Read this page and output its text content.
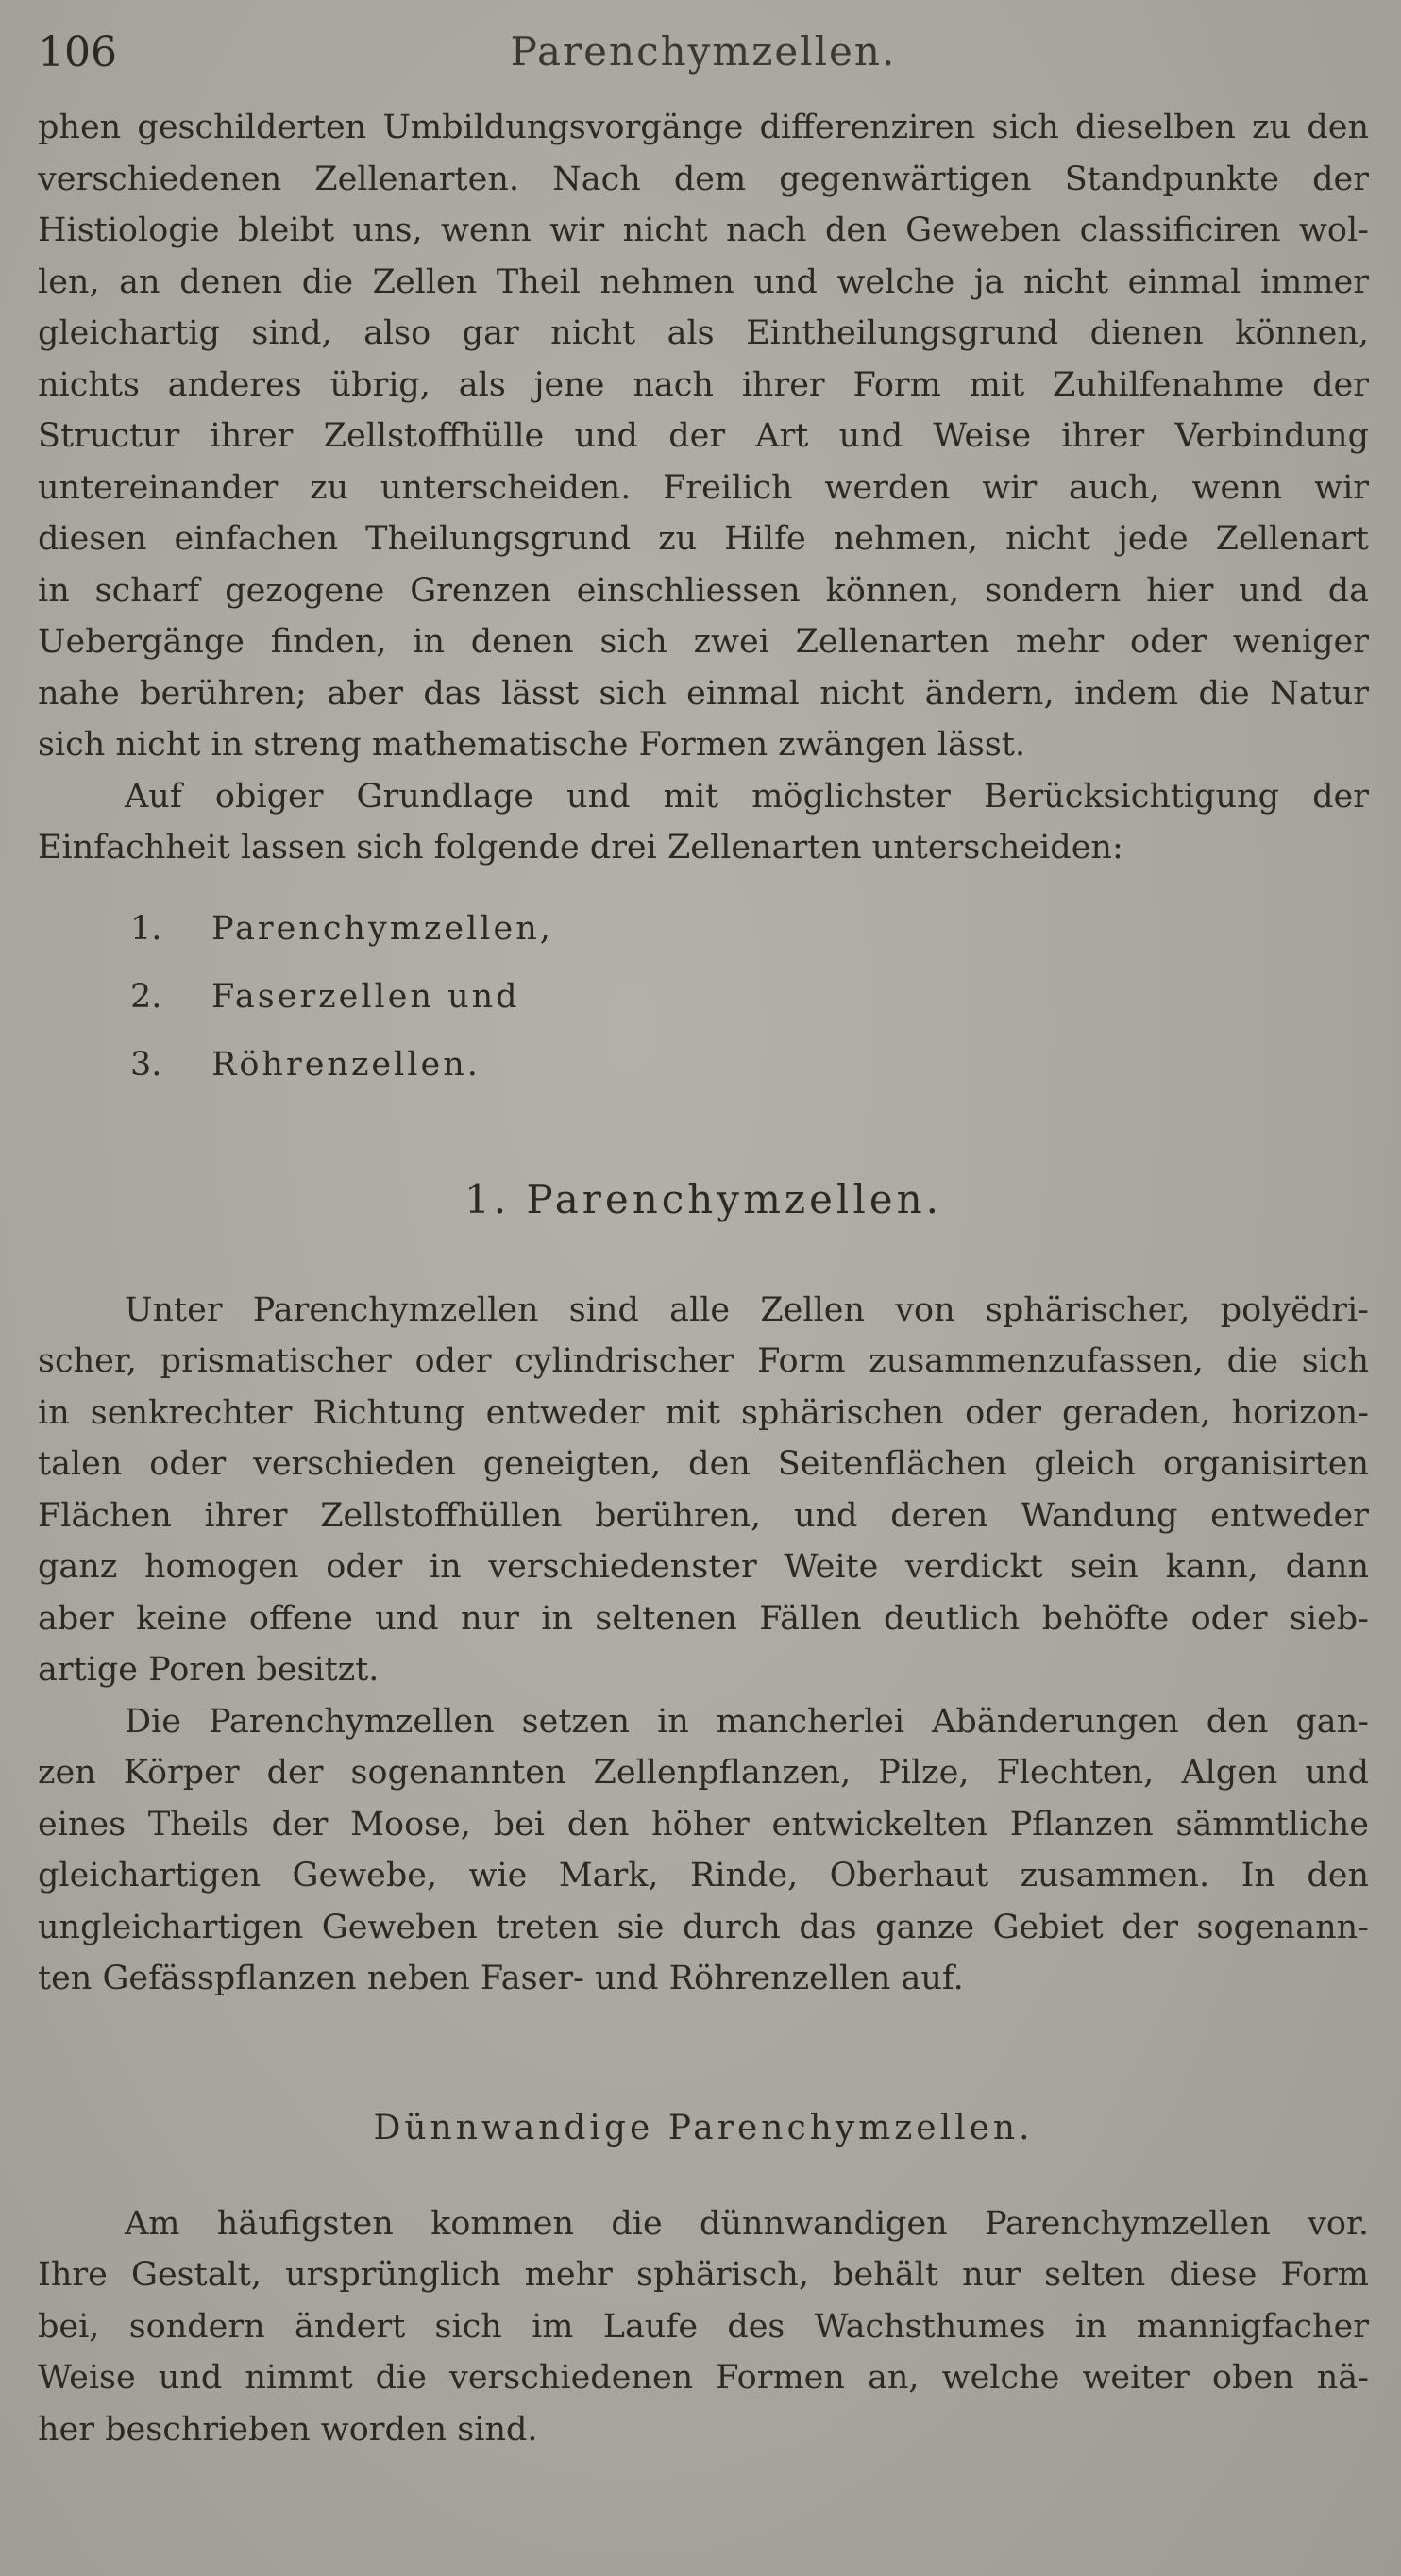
106	Parenchymzellen.

phen geschilderten Umbildungsvorgänge differenziren sich dieselben zu den

verschiedenen Zellenarten. Nach dem gegenwärtigen Standpunkte der

Histiologie bleibt uns, wenn wir nicht nach den Geweben classificiren wol-

len, an denen die Zellen Theil nehmen und welche ja nicht einmal immer

gleichartig sind, also gar nicht als Eintheilungsgrund dienen können,

nichts anderes übrig, als jene nach ihrer Form mit Zuhilfenahme der

Structur ihrer Zellstoffhülle und der Art und Weise ihrer Verbindung

untereinander zu unterscheiden. Freilich werden wir auch, wenn wir

diesen einfachen Theilungsgrund zu Hilfe nehmen, nicht jede Zellenart

in scharf gezogene Grenzen einschliessen können, sondern hier und da

Uebergänge finden, in denen sich zwei Zellenarten mehr oder weniger

nahe berühren; aber das lässt sich einmal nicht ändern, indem die Natur

sich nicht in streng mathematische Formen zwängen lässt.

Auf obiger Grundlage und mit möglichster Berücksichtigung der

Einfachheit lassen sich folgende drei Zellenarten unterscheiden:

1. Parenchymzellen,
2. Faserzellen und
3. Röhrenzellen.
1. Parenchymzellen.

Unter Parenchymzellen sind alle Zellen von sphärischer, polyëdri-

scher, prismatischer oder cylindrischer Form zusammenzufassen, die sich

in senkrechter Richtung entweder mit sphärischen oder geraden, horizon-

talen oder verschieden geneigten, den Seitenflächen gleich organisirten

Flächen ihrer Zellstoffhüllen berühren, und deren Wandung entweder

ganz homogen oder in verschiedenster Weite verdickt sein kann, dann

aber keine offene und nur in seltenen Fällen deutlich behöfte oder sieb-

artige Poren besitzt.

Die Parenchymzellen setzen in mancherlei Abänderungen den gan-

zen Körper der sogenannten Zellenpflanzen, Pilze, Flechten, Algen und

eines Theils der Moose, bei den höher entwickelten Pflanzen sämmtliche

gleichartigen Gewebe, wie Mark, Rinde, Oberhaut zusammen. In den

ungleichartigen Geweben treten sie durch das ganze Gebiet der sogenann-

ten Gefässpflanzen neben Faser- und Röhrenzellen auf.

Dünnwandige Parenchymzellen.

Am häufigsten kommen die dünnwandigen Parenchymzellen vor.

Ihre Gestalt, ursprünglich mehr sphärisch, behält nur selten diese Form

bei, sondern ändert sich im Laufe des Wachsthumes in mannigfacher

Weise und nimmt die verschiedenen Formen an, welche weiter oben nä-

her beschrieben worden sind.
